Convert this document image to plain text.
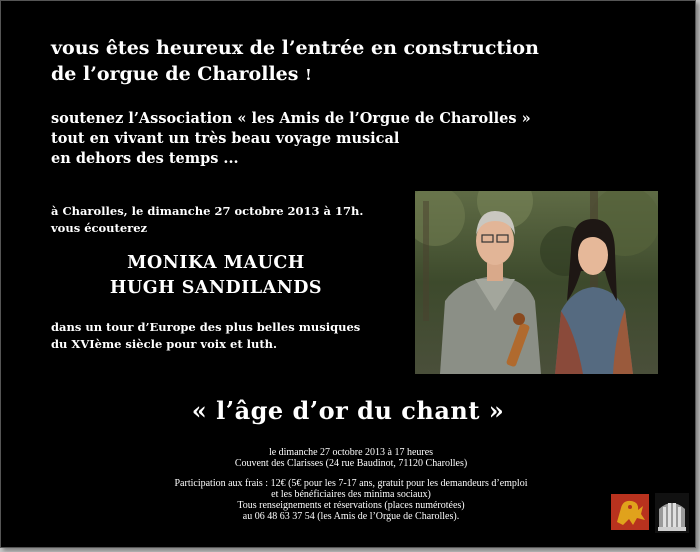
vous êtes heureux de l’entrée en construction
de l’orgue de Charolles !
soutenez l’Association « les Amis de l’Orgue de Charolles »
tout en vivant un très beau voyage musical
en dehors des temps ...
à Charolles, le dimanche 27 octobre 2013 à 17h.
vous écouterez
MONIKA MAUCH
HUGH SANDILANDS
dans un tour d’Europe des plus belles musiques
du XVIème siècle pour voix et luth.
« l’âge d’or du chant »
le dimanche 27 octobre 2013 à 17 heures
Couvent des Clarisses (24 rue Baudinot, 71120 Charolles)
Participation aux frais : 12€ (5€ pour les 7-17 ans, gratuit pour les demandeurs d’emploi
et les bénéficiaires des minima sociaux)
Tous renseignements et réservations (places numérotées)
au 06 48 63 37 54 (les Amis de l’Orgue de Charolles).
